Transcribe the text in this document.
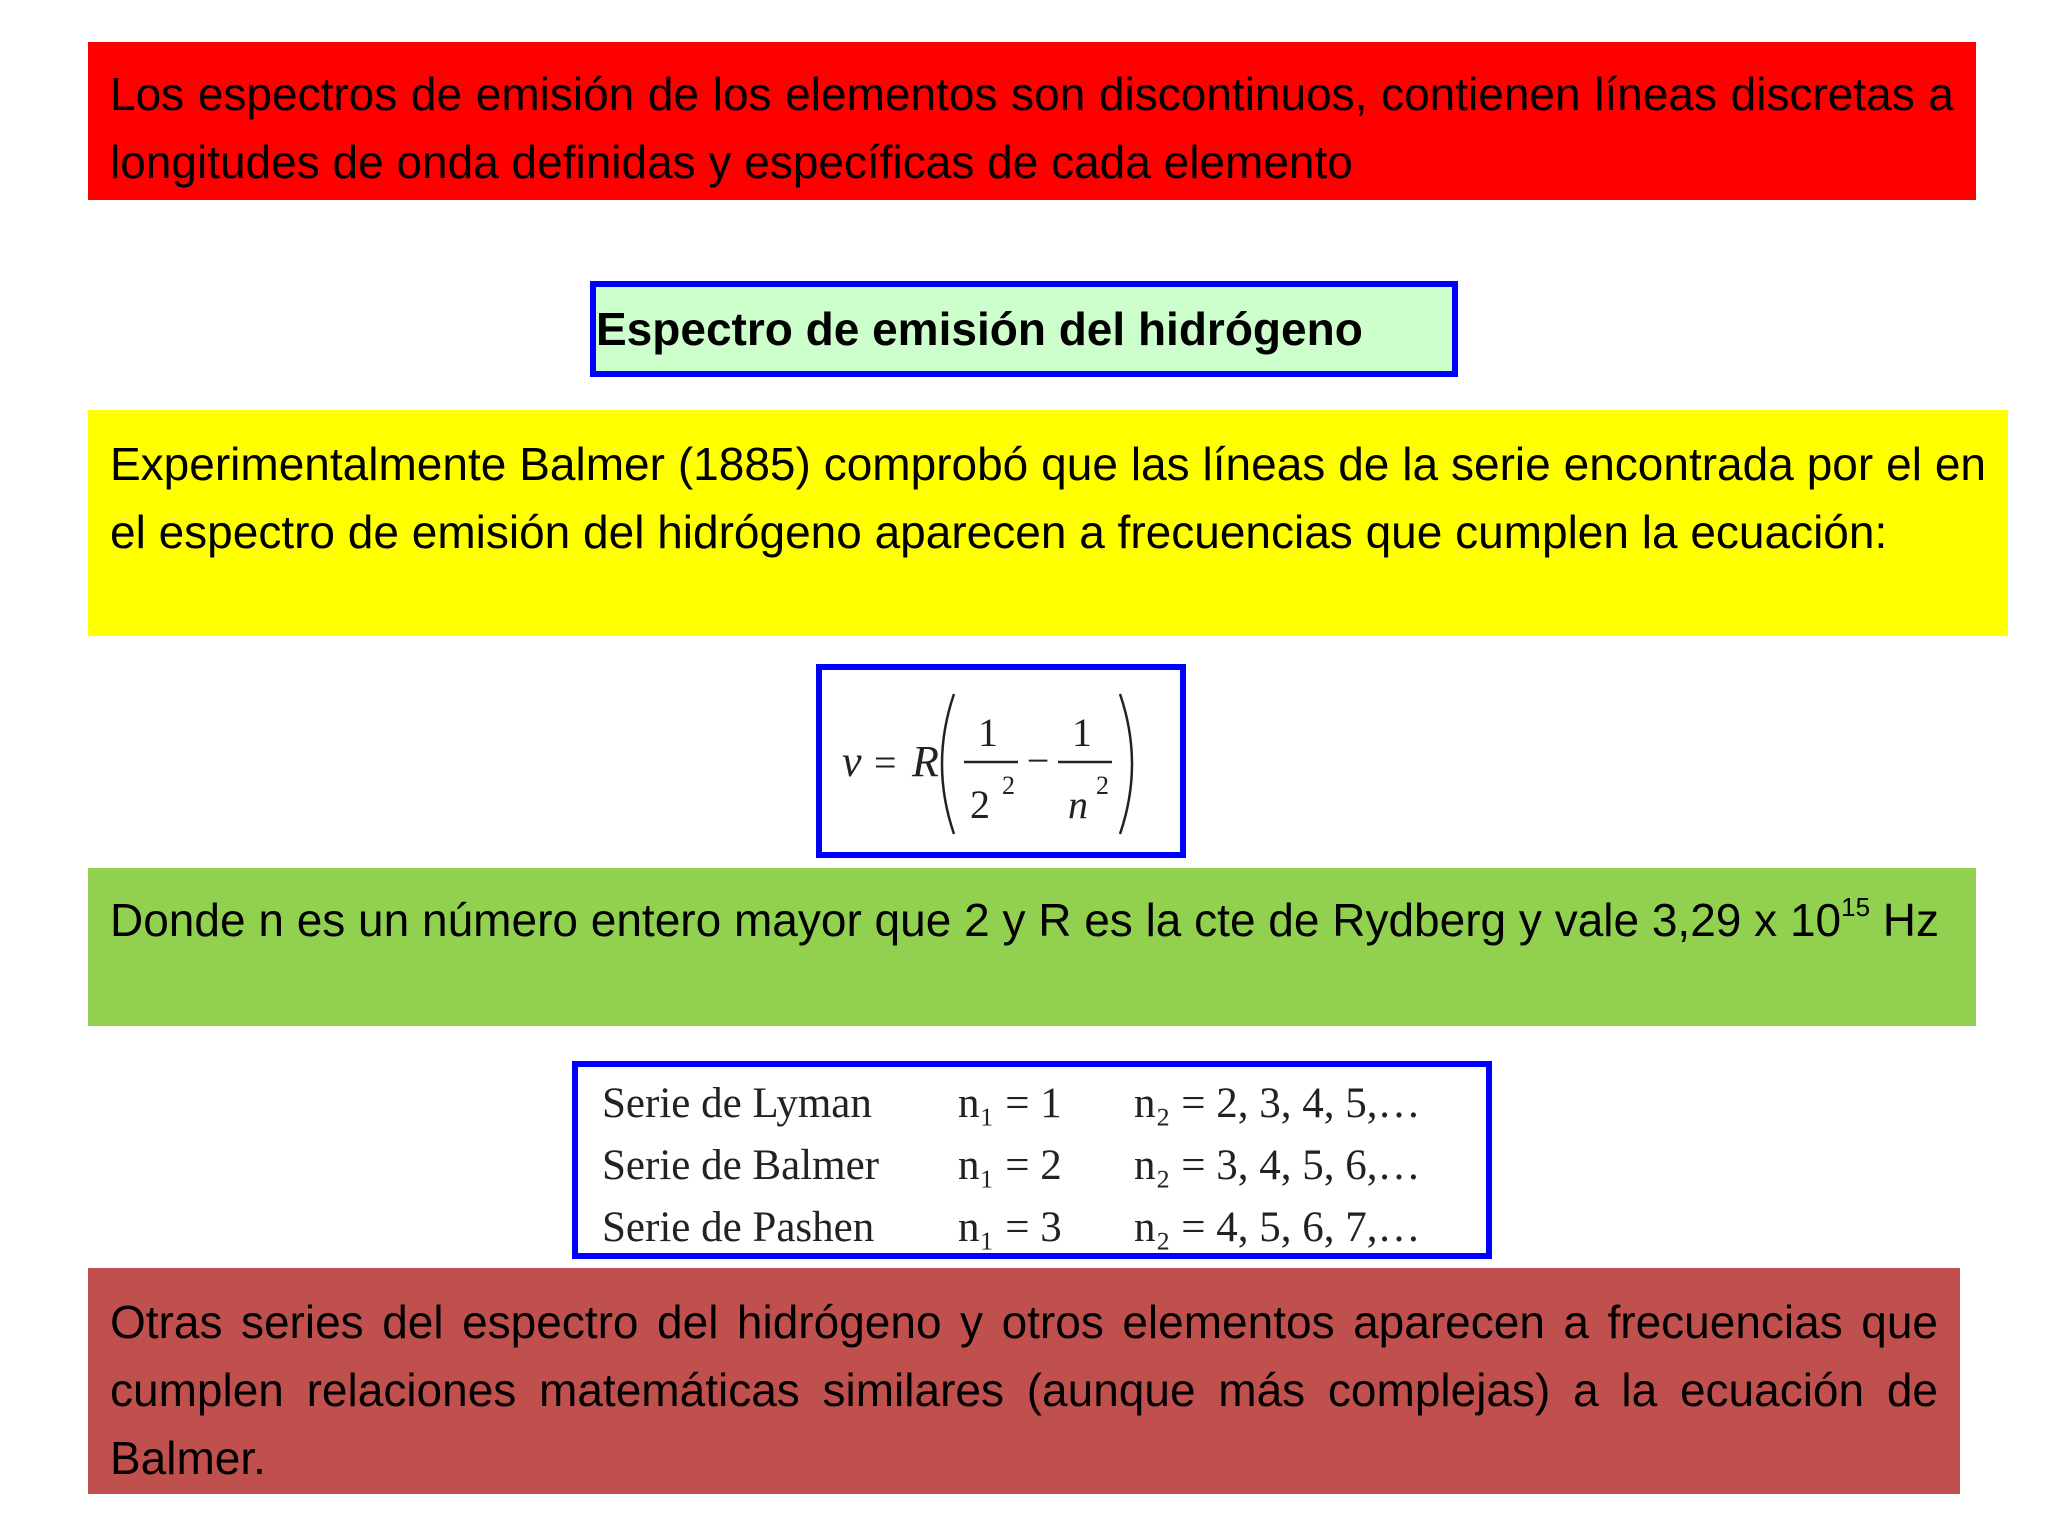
Los espectros de emisión de los elementos son discontinuos, contienen líneas discretas a longitudes de onda definidas y específicas de cada elemento
Espectro de emisión del hidrógeno
Experimentalmente Balmer (1885) comprobó que las líneas de la serie encontrada por el en el espectro de emisión del hidrógeno aparecen a frecuencias que cumplen la ecuación:
ν = R
1
2 2
−
1
n 2
Donde n es un número entero mayor que 2 y R es la cte de Rydberg y vale 3,29 x $10^{15}$ Hz
Serie de Lyman n₁ = 1 n₂ = 2, 3, 4, 5,…
Serie de Balmer n₁ = 2 n₂ = 3, 4, 5, 6,…
Serie de Pashen n₁ = 3 n₂ = 4, 5, 6, 7,…
Otras series del espectro del hidrógeno y otros elementos aparecen a frecuencias que cumplen relaciones matemáticas similares (aunque más complejas) a la ecuación de Balmer.
